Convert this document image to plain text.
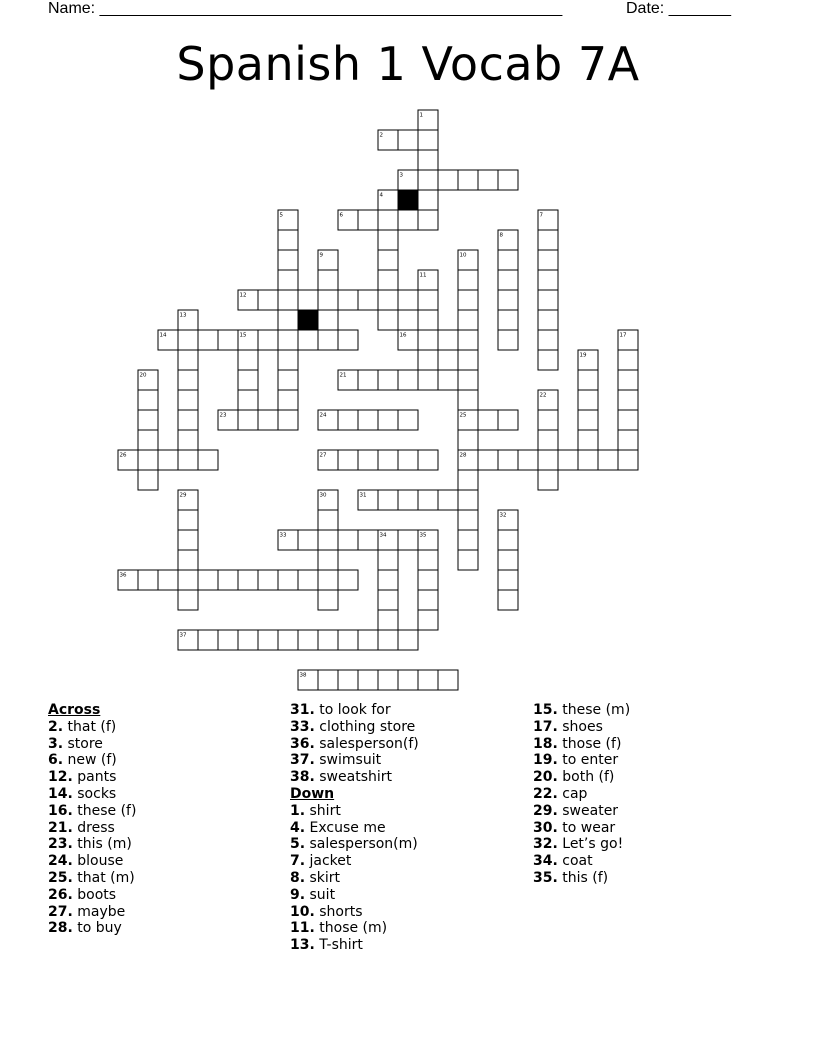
Name: ____________________________________________________	Date: _______
Spanish 1 Vocab 7A
1
2
3
4
6	7
8
5
9
12
11
10
25
28
14	15	16
13
17
19
20	21
22
23	24
26	27
29	30	31
32
33	34	35
36
37
38
Across
2. that (f)
3. store
6. new (f)
12. pants
14. socks
16. these (f)
21. dress
23. this (m)
24. blouse
25. that (m)
26. boots
27. maybe
28. to buy
31. to look for
33. clothing store
36. salesperson(f)
37. swimsuit
38. sweatshirt
Down
1. shirt
4. Excuse me
5. salesperson(m)
7. jacket
8. skirt
9. suit
10. shorts
11. those (m)
13. T-shirt
15. these (m)
17. shoes
18. those (f)
19. to enter
20. both (f)
22. cap
29. sweater
30. to wear
32. Let’s go!
34. coat
35. this (f)
